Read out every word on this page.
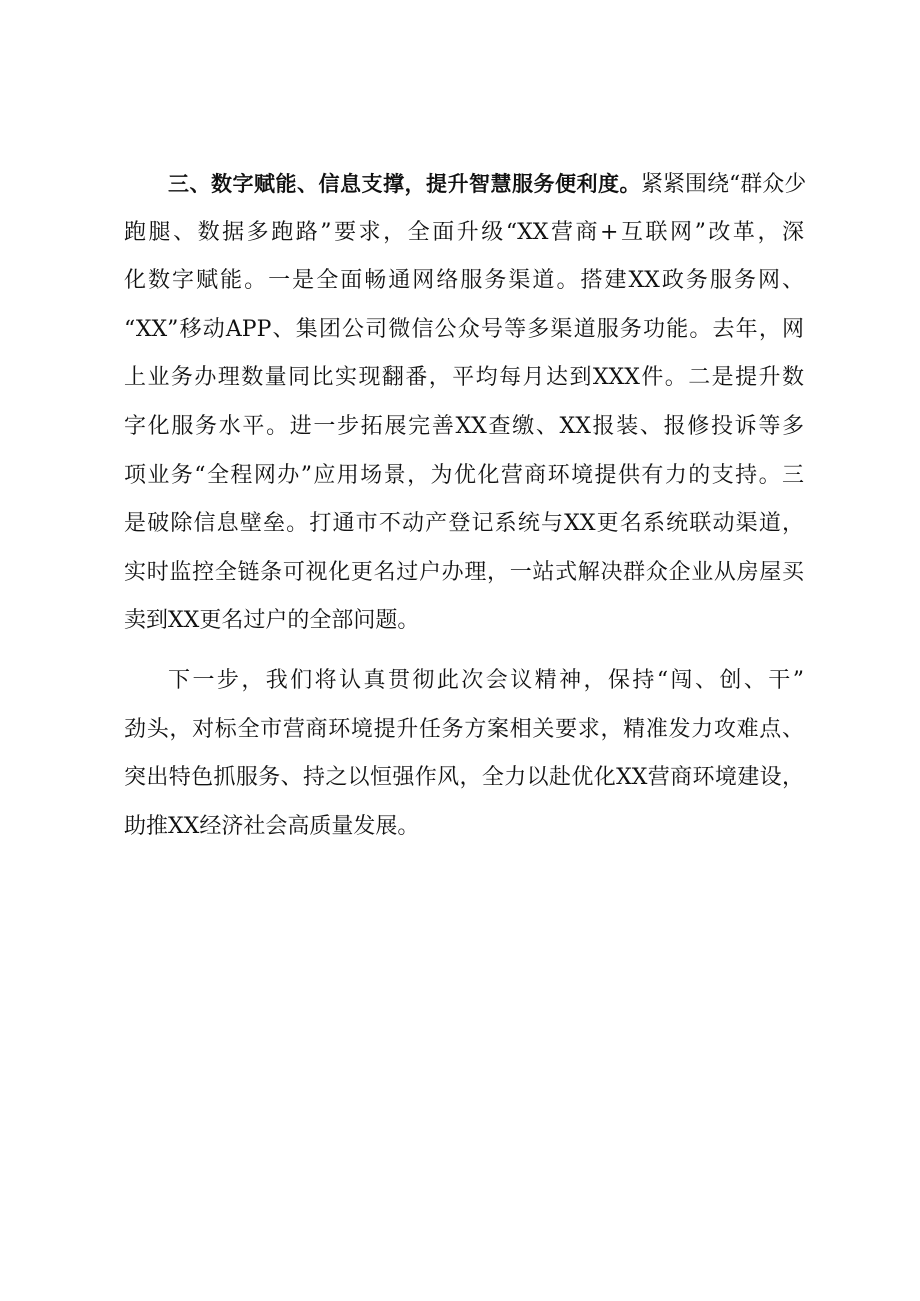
三、数字赋能、信息支撑，提升智慧服务便利度。紧紧围绕“群众少
跑腿、数据多跑路”要求，全面升级“XX营商+互联网”改革，深
化数字赋能。一是全面畅通网络服务渠道。搭建XX政务服务网、
“XX”移动APP、集团公司微信公众号等多渠道服务功能。去年，网
上业务办理数量同比实现翻番，平均每月达到XXX件。二是提升数
字化服务水平。进一步拓展完善XX查缴、XX报装、报修投诉等多
项业务“全程网办”应用场景，为优化营商环境提供有力的支持。三
是破除信息壁垒。打通市不动产登记系统与XX更名系统联动渠道，
实时监控全链条可视化更名过户办理，一站式解决群众企业从房屋买
卖到XX更名过户的全部问题。
下一步，我们将认真贯彻此次会议精神，保持“闯、创、干”
劲头，对标全市营商环境提升任务方案相关要求，精准发力攻难点、
突出特色抓服务、持之以恒强作风，全力以赴优化XX营商环境建设，
助推XX经济社会高质量发展。
